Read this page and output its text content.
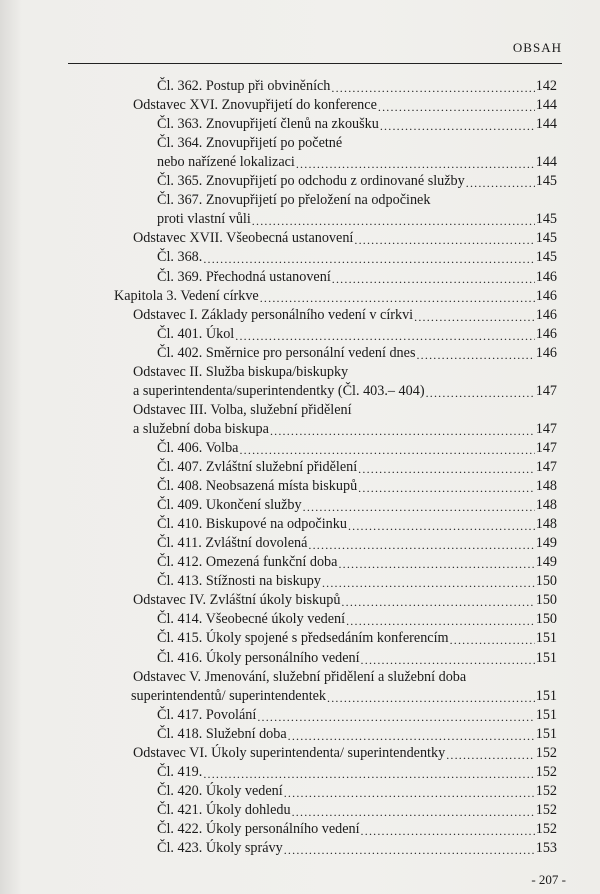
OBSAH
Čl. 362. Postup při obviněních .....	142
Odstavec XVI. Znovupřijetí do konference .....	144
Čl. 363. Znovupřijetí členů na zkoušku .....	144
Čl. 364. Znovupřijetí po početné
nebo nařízené lokalizaci .....	144
Čl. 365. Znovupřijetí po odchodu z ordinované služby .....	145
Čl. 367. Znovupřijetí po přeložení na odpočinek
proti vlastní vůli .....	145
Odstavec XVII. Všeobecná ustanovení .....	145
Čl. 368. .....	145
Čl. 369. Přechodná ustanovení .....	146
Kapitola 3. Vedení církve .....	146
Odstavec I. Základy personálního vedení v církvi .....	146
Čl. 401. Úkol .....	146
Čl. 402. Směrnice pro personální vedení dnes .....	146
Odstavec II. Služba biskupa/biskupky
a superintendenta/superintendentky (Čl. 403.– 404) .....	147
Odstavec III. Volba, služební přidělení
a služební doba biskupa .....	147
Čl. 406. Volba .....	147
Čl. 407. Zvláštní služební přidělení .....	147
Čl. 408. Neobsazená místa biskupů .....	148
Čl. 409. Ukončení služby .....	148
Čl. 410. Biskupové na odpočinku .....	148
Čl. 411. Zvláštní dovolená .....	149
Čl. 412. Omezená funkční doba .....	149
Čl. 413. Stížnosti na biskupy .....	150
Odstavec IV. Zvláštní úkoly biskupů .....	150
Čl. 414. Všeobecné úkoly vedení .....	150
Čl. 415. Úkoly spojené s předsedáním konferencím .....	151
Čl. 416. Úkoly personálního vedení .....	151
Odstavec V. Jmenování, služební přidělení a služební doba
superintendentů/ superintendentek .....	151
Čl. 417. Povolání .....	151
Čl. 418. Služební doba .....	151
Odstavec VI. Úkoly superintendenta/ superintendentky .....	152
Čl. 419. .....	152
Čl. 420. Úkoly vedení .....	152
Čl. 421. Úkoly dohledu .....	152
Čl. 422. Úkoly personálního vedení .....	152
Čl. 423. Úkoly správy .....	153
- 207 -
